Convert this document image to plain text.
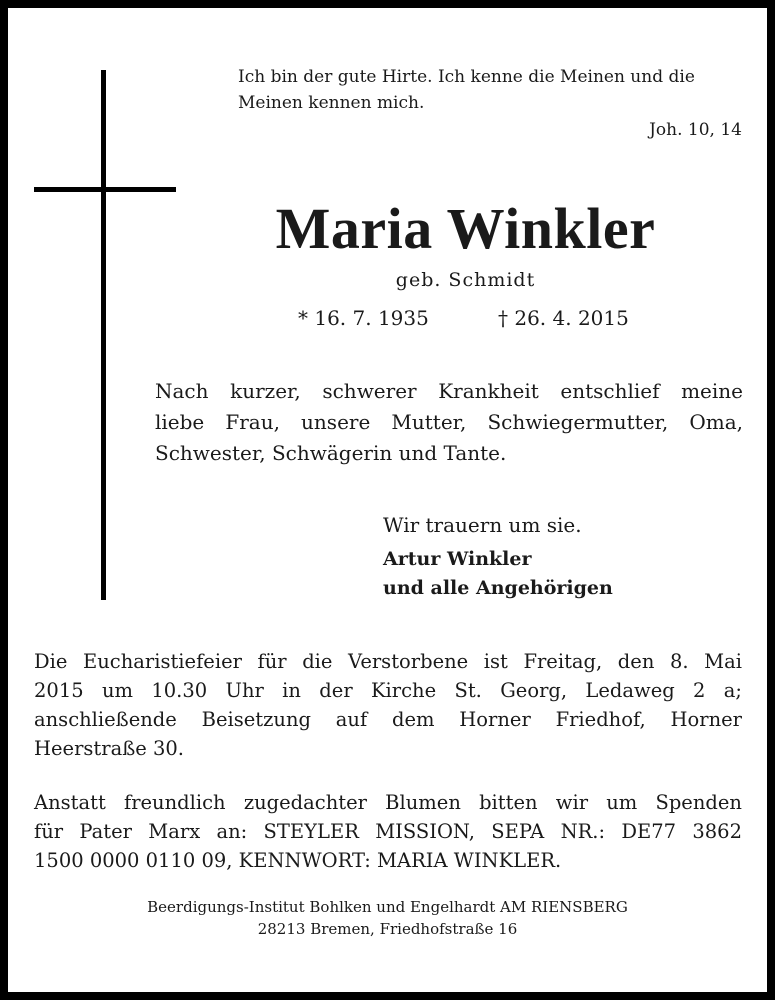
Ich bin der gute Hirte. Ich kenne die Meinen und die
Meinen kennen mich.
Joh. 10, 14
Maria Winkler
geb. Schmidt
* 16. 7. 1935	† 26. 4. 2015
Nach kurzer, schwerer Krankheit entschlief meine
liebe Frau, unsere Mutter, Schwiegermutter, Oma,
Schwester, Schwägerin und Tante.
Wir trauern um sie.
Artur Winkler
und alle Angehörigen
Die Eucharistiefeier für die Verstorbene ist Freitag, den 8. Mai
2015 um 10.30 Uhr in der Kirche St. Georg, Ledaweg 2 a;
anschließende Beisetzung auf dem Horner Friedhof, Horner
Heerstraße 30.
Anstatt freundlich zugedachter Blumen bitten wir um Spenden
für Pater Marx an: STEYLER MISSION, SEPA NR.: DE77 3862
1500 0000 0110 09, KENNWORT: MARIA WINKLER.
Beerdigungs-Institut Bohlken und Engelhardt AM RIENSBERG
28213 Bremen, Friedhofstraße 16
